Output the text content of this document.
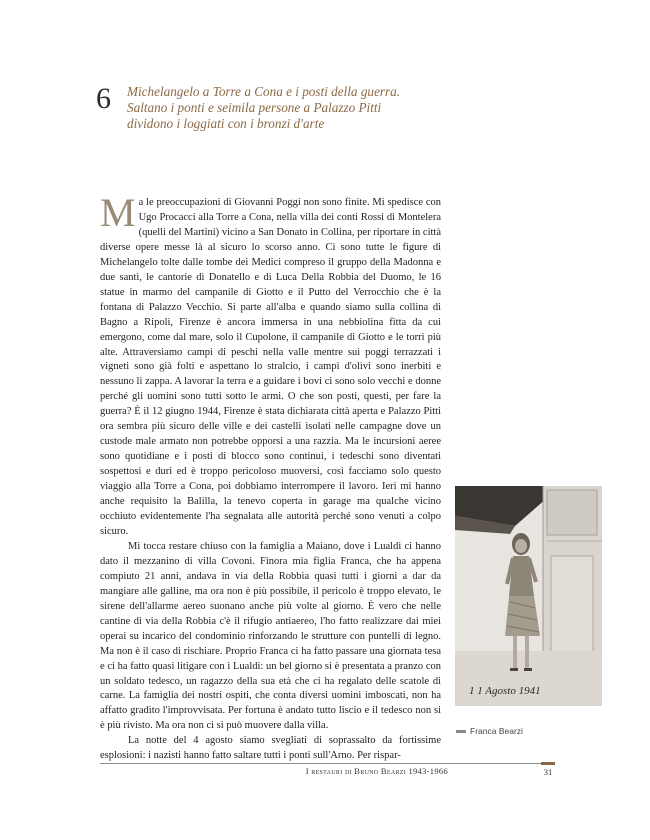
6 Michelangelo a Torre a Cona e i posti della guerra.
Saltano i ponti e seimila persone a Palazzo Pitti
dividono i loggiati con i bronzi d'arte

Ma le preoccupazioni di Giovanni Poggi non sono finite. Mi spedisce con Ugo Procacci alla Torre a Cona, nella villa dei conti Rossi di Montelera (quelli del Martini) vicino a San Donato in Collina, per riportare in città diverse opere messe là al sicuro lo scorso anno. Ci sono tutte le figure di Michelangelo tolte dalle tombe dei Medici compreso il gruppo della Madonna e due santi, le cantorie di Donatello e di Luca Della Robbia del Duomo, le 16 statue in marmo del campanile di Giotto e il Putto del Verrocchio che è la fontana di Palazzo Vecchio. Si parte all'alba e quando siamo sulla collina di Bagno a Ripoli, Firenze è ancora immersa in una nebbiolina fitta da cui emergono, come dal mare, solo il Cupolone, il campanile di Giotto e le torri più alte. Attraversiamo campi di peschi nella valle mentre sui poggi terrazzati i vigneti sono già folti e aspettano lo stralcio, i campi d'olivi sono inerbiti e nessuno li zappa. A lavorar la terra e a guidare i bovi ci sono solo vecchi e donne perché gli uomini sono tutti sotto le armi. O che son posti, questi, per fare la guerra? È il 12 giugno 1944, Firenze è stata dichiarata città aperta e Palazzo Pitti ora sembra più sicuro delle ville e dei castelli isolati nelle campagne dove un custode male armato non potrebbe opporsi a una razzia. Ma le incursioni aeree sono quotidiane e i posti di blocco sono continui, i tedeschi sono diventati sospettosi e duri ed è troppo pericoloso muoversi, così facciamo solo questo viaggio alla Torre a Cona, poi dobbiamo interrompere il lavoro. Ieri mi hanno anche requisito la Balilla, la tenevo coperta in garage ma qualche vicino occhiuto evidentemente l'ha segnalata alle autorità perché sono venuti a colpo sicuro.

Mi tocca restare chiuso con la famiglia a Maiano, dove i Lualdi ci hanno dato il mezzanino di villa Covoni. Finora mia figlia Franca, che ha appena compiuto 21 anni, andava in via della Robbia quasi tutti i giorni a dar da mangiare alle galline, ma ora non è più possibile, il pericolo è troppo elevato, le sirene dell'allarme aereo suonano anche più volte al giorno. È vero che nelle cantine di via della Robbia c'è il rifugio antiaereo, l'ho fatto realizzare dai miei operai su incarico del condominio rinforzando le strutture con puntelli di legno. Ma non è il caso di rischiare. Proprio Franca ci ha fatto passare una giornata tesa e ci ha fatto quasi litigare con i Lualdi: un bel giorno si è presentata a pranzo con un soldato tedesco, un ragazzo della sua età che ci ha regalato delle scatole di carne. La famiglia dei nostri ospiti, che conta diversi uomini imboscati, non ha affatto gradito l'improvvisata. Per fortuna è andato tutto liscio e il tedesco non si è più rivisto. Ma ora non ci si può muovere dalla villa.

La notte del 4 agosto siamo svegliati di soprassalto da fortissime esplosioni: i nazisti hanno fatto saltare tutti i ponti sull'Arno. Per rispar-

1 1 Agosto 1941
Franca Bearzi
I restauri di Bruno Bearzi 1943-1966	31
